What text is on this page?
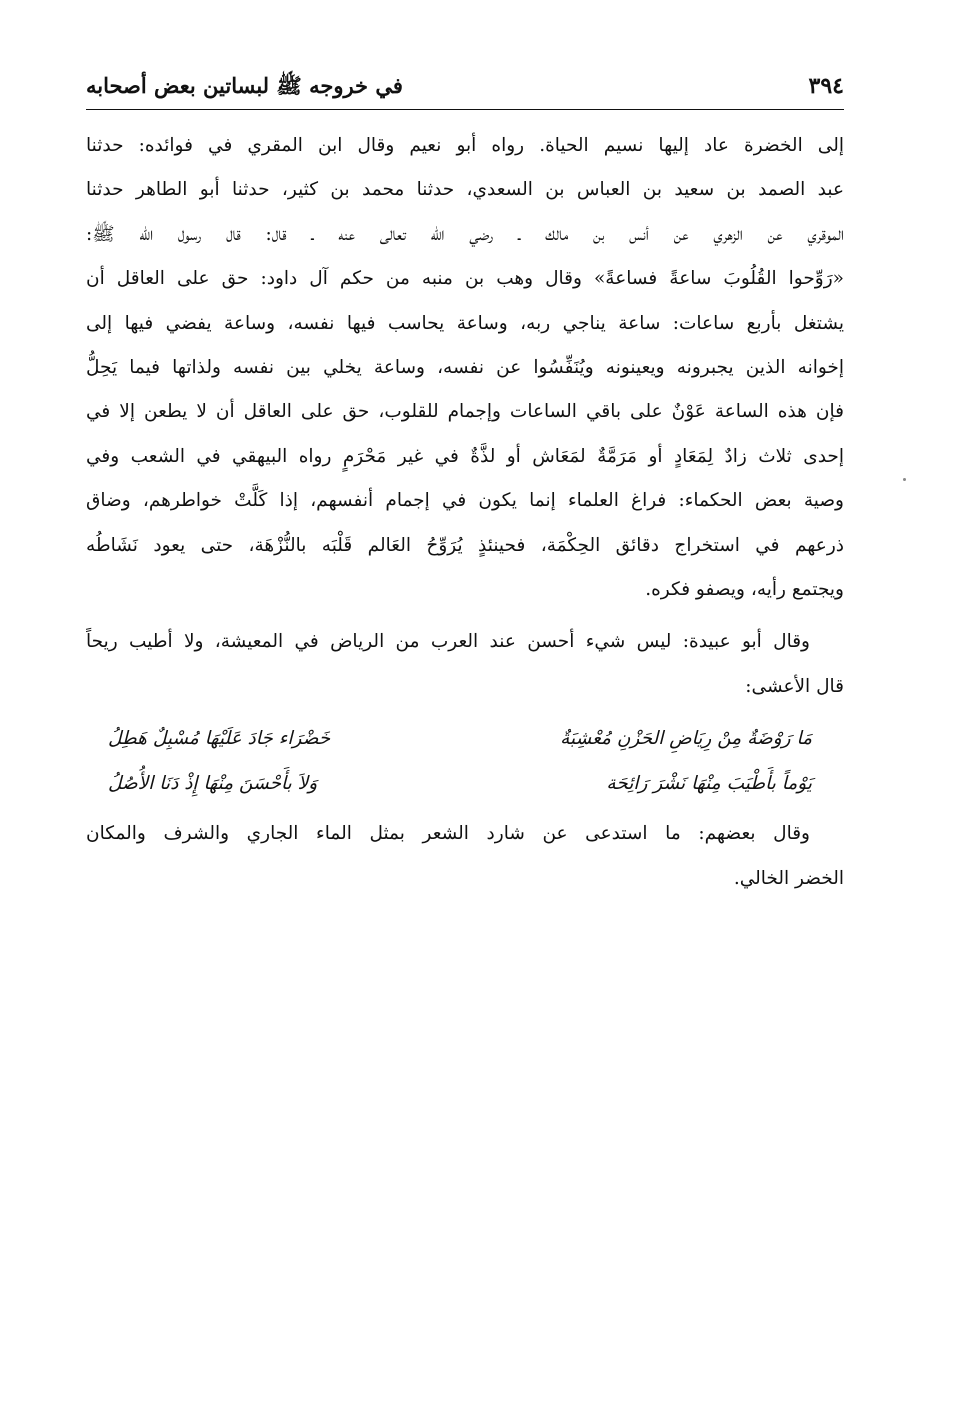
٣٩٤
في خروجه ﷺ لبساتين بعض أصحابه
إلى الخضرة عاد إليها نسيم الحياة. رواه أبو نعيم وقال ابن المقري في فوائده: حدثنا
عبد الصمد بن سعيد بن العباس بن السعدي، حدثنا محمد بن كثير، حدثنا أبو الطاهر حدثنا
الموقري عن الزهري عن أنس بن مالك ـ رضي الله تعالى عنه ـ قال: قال رسول الله ﷺ:
«رَوِّحوا القُلُوبَ ساعةً فساعةً» وقال وهب بن منبه من حكم آل داود: حق على العاقل أن
يشتغل بأربع ساعات: ساعة يناجي ربه، وساعة يحاسب فيها نفسه، وساعة يفضي فيها إلى
إخوانه الذين يجبرونه ويعينونه ويُنَفِّسُوا عن نفسه، وساعة يخلي بين نفسه ولذاتها فيما يَحِلُّ
فإن هذه الساعة عَوْنٌ على باقي الساعات وإجمام للقلوب، حق على العاقل أن لا يطعن إلا في
إحدى ثلاث زادٌ لِمَعَادٍ أو مَرَمَّةٌ لمَعَاش أو لذَّةٌ في غير مَحْرَمٍ رواه البيهقي في الشعب وفي
وصية بعض الحكماء: فراغ العلماء إنما يكون في إجمام أنفسهم، إذا كَلَّتْ خواطرهم، وضاق
ذرعهم في استخراج دقائق الحِكْمَة، فحينئذٍ يُرَوِّحُ العَالم قَلْبَه بالنُّزْهَة، حتى يعود نَشَاطُه
ويجتمع رأيه، ويصفو فكره.
وقال أبو عبيدة: ليس شيء أحسن عند العرب من الرياض في المعيشة، ولا أطيب ريحاً
قال الأعشى:
مَا رَوْضَةٌ مِنْ رِيَاضِ الحَزْنِ مُعْشِبَةٌ
خَضْرَاء جَادَ عَلَيْهَا مُسْبِلٌ هَطِلُ
يَوْماً بأَطْيَبَ مِنْهَا نَشْرَ رَائِحَة
وَلاَ بأَحْسَنَ مِنْهَا إِذْ دَنَا الأُصُلُ
وقال بعضهم: ما استدعى عن شارد الشعر بمثل الماء الجاري والشرف والمكان
الخضر الخالي.
